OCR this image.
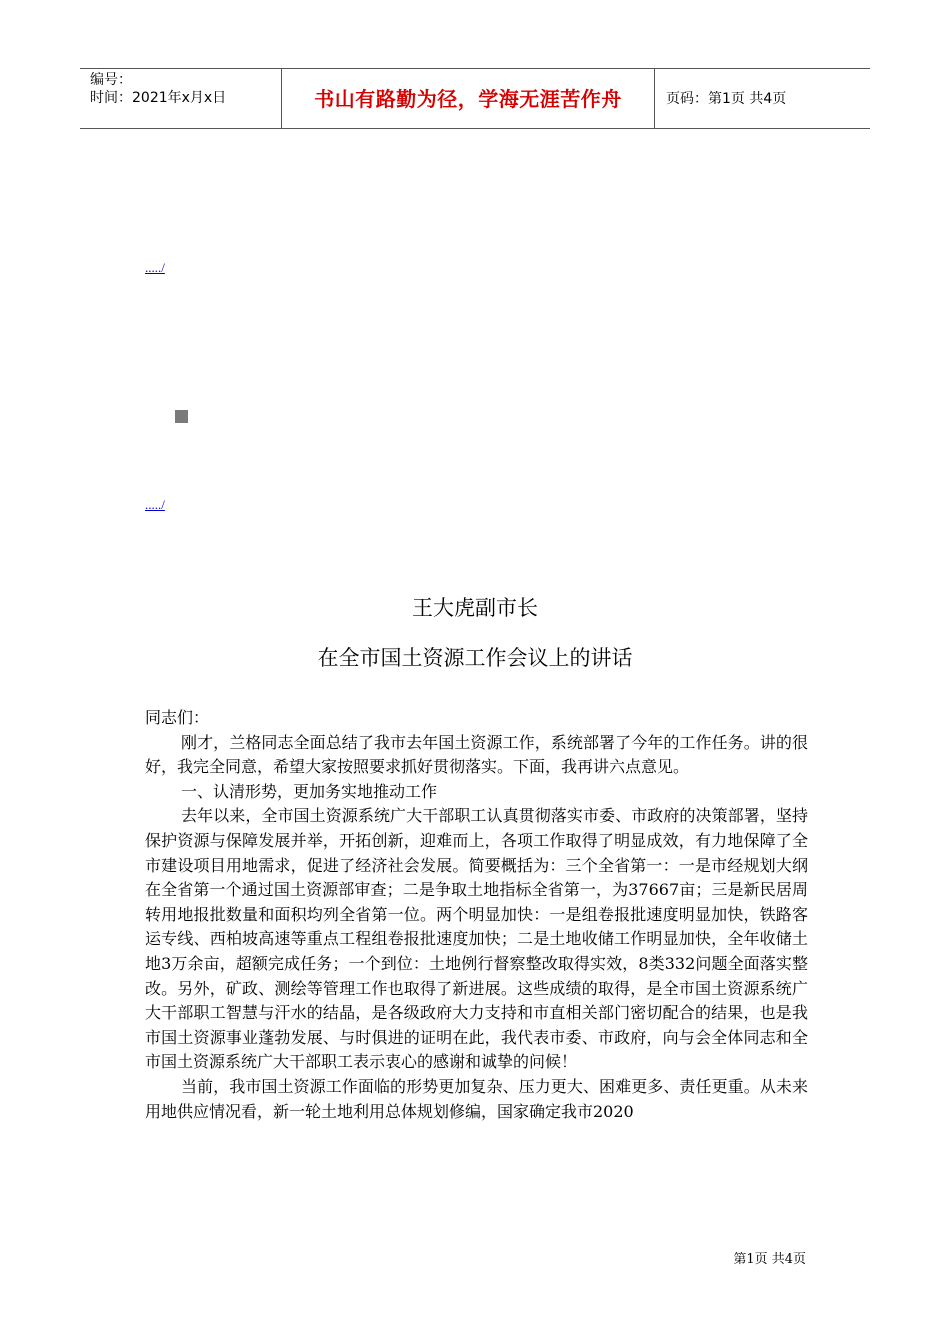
编号：
时间：2021年x月x日	书山有路勤为径，学海无涯苦作舟	页码：第1页 共4页
...../
...../
王大虎副市长
在全市国土资源工作会议上的讲话

同志们：

刚才，兰格同志全面总结了我市去年国土资源工作，系统部署了今年的工作任务。讲的很好，我完全同意，希望大家按照要求抓好贯彻落实。下面，我再讲六点意见。

一、认清形势，更加务实地推动工作

去年以来，全市国土资源系统广大干部职工认真贯彻落实市委、市政府的决策部署，坚持保护资源与保障发展并举，开拓创新，迎难而上，各项工作取得了明显成效，有力地保障了全市建设项目用地需求，促进了经济社会发展。简要概括为：三个全省第一：一是市经规划大纲在全省第一个通过国土资源部审查；二是争取土地指标全省第一，为37667亩；三是新民居周转用地报批数量和面积均列全省第一位。两个明显加快：一是组卷报批速度明显加快，铁路客运专线、西柏坡高速等重点工程组卷报批速度加快；二是土地收储工作明显加快，全年收储土地3万余亩，超额完成任务；一个到位：土地例行督察整改取得实效，8类332问题全面落实整改。另外，矿政、测绘等管理工作也取得了新进展。这些成绩的取得，是全市国土资源系统广大干部职工智慧与汗水的结晶，是各级政府大力支持和市直相关部门密切配合的结果，也是我市国土资源事业蓬勃发展、与时俱进的证明在此，我代表市委、市政府，向与会全体同志和全市国土资源系统广大干部职工表示衷心的感谢和诚挚的问候！

当前，我市国土资源工作面临的形势更加复杂、压力更大、困难更多、责任更重。从未来用地供应情况看，新一轮土地利用总体规划修编，国家确定我市2020

第1页 共4页
